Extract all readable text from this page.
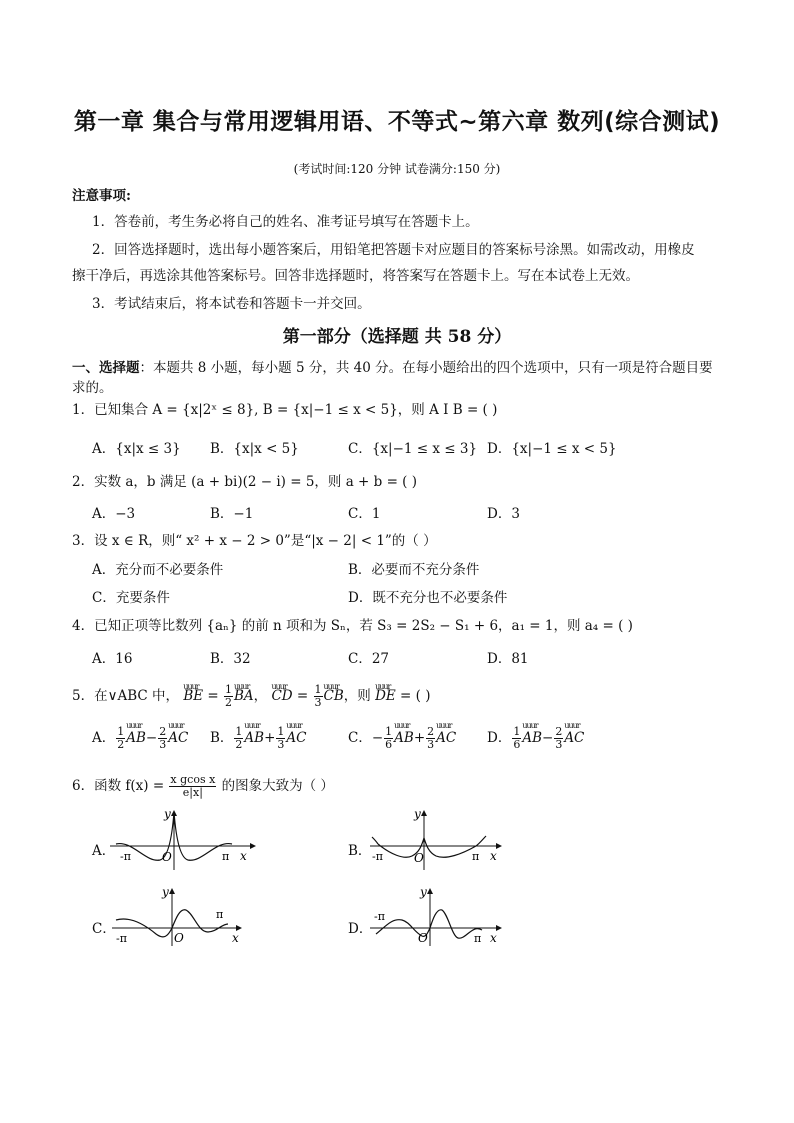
第一章 集合与常用逻辑用语、不等式~第六章 数列(综合测试)
(考试时间:120 分钟 试卷满分:150 分)
注意事项:
1．答卷前，考生务必将自己的姓名、准考证号填写在答题卡上。
2．回答选择题时，选出每小题答案后，用铅笔把答题卡对应题目的答案标号涂黑。如需改动，用橡皮
擦干净后，再选涂其他答案标号。回答非选择题时，将答案写在答题卡上。写在本试卷上无效。
3．考试结束后，将本试卷和答题卡一并交回。
第一部分（选择题 共 58 分）
一、选择题：本题共 8 小题，每小题 5 分，共 40 分。在每小题给出的四个选项中，只有一项是符合题目要
求的。
1．已知集合 A = {x|2ˣ ≤ 8}, B = {x|−1 ≤ x < 5}，则 A I B = ( )
A．{x|x ≤ 3} B．{x|x < 5}	C．{x|−1 ≤ x ≤ 3} D．{x|−1 ≤ x < 5}
2．实数 a，b 满足 (a + bi)(2 − i) = 5，则 a + b = ( )
A．−3	B．−1	C．1	D．3
3．设 x ∈ R，则“ x² + x − 2 > 0”是“|x − 2| < 1”的（ ）
A．充分而不必要条件	B．必要而不充分条件
C．充要条件	D．既不充分也不必要条件
4．已知正项等比数列 {aₙ} 的前 n 项和为 Sₙ，若 S₃ = 2S₂ − S₁ + 6，a₁ = 1，则 a₄ = ( )
A．16	B．32	C．27	D．81
5．在∨ABC 中， uuur BE = $\frac{1}{2}$ uuur BA， uuur CD = $\frac{1}{3}$ uuur CB，则 uuur DE = ( )
A． $\frac{1}{2}$ uuur $AB- \frac{2}{3}$ uuur AC B． $\frac{1}{2}$ uuur $AB+ \frac{1}{3}$ uuur AC	C．− $\frac{1}{6}$ uuur $AB+ \frac{2}{3}$ uuur AC D． $\frac{1}{6}$ uuur $AB- \frac{2}{3}$ uuur AC
6．函数 $f(x) = \frac{\text{x gcos x}}{e|x|}$ 的图象大致为（ ）
A．
y
O
-π	π x	B．
y
O
-π	π x
C．
y
O
-π
π
x
D．
y
O
-π
π x
